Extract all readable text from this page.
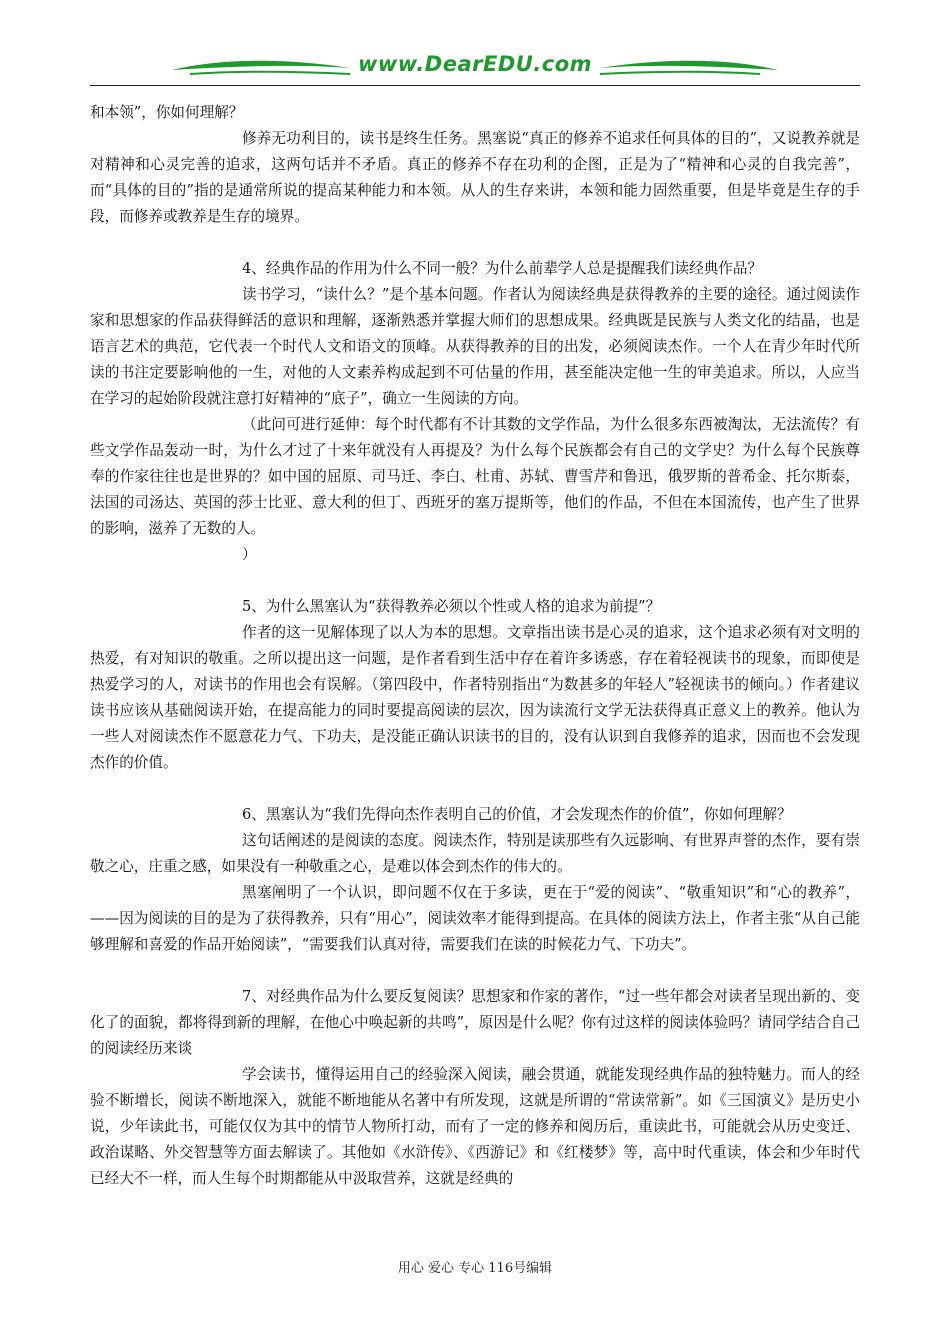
www.DearEDU.com

和本领”，你如何理解？

修养无功利目的，读书是终生任务。黑塞说“真正的修养不追求任何具体的目的”，又说教养就是对精神和心灵完善的追求，这两句话并不矛盾。真正的修养不存在功利的企图，正是为了“精神和心灵的自我完善”，而“具体的目的”指的是通常所说的提高某种能力和本领。从人的生存来讲，本领和能力固然重要，但是毕竟是生存的手段，而修养或教养是生存的境界。

4、经典作品的作用为什么不同一般？为什么前辈学人总是提醒我们读经典作品？

读书学习，“读什么？”是个基本问题。作者认为阅读经典是获得教养的主要的途径。通过阅读作家和思想家的作品获得鲜活的意识和理解，逐渐熟悉并掌握大师们的思想成果。经典既是民族与人类文化的结晶，也是语言艺术的典范，它代表一个时代人文和语文的顶峰。从获得教养的目的出发，必须阅读杰作。一个人在青少年时代所读的书注定要影响他的一生，对他的人文素养构成起到不可估量的作用，甚至能决定他一生的审美追求。所以，人应当在学习的起始阶段就注意打好精神的“底子”，确立一生阅读的方向。

（此问可进行延伸：每个时代都有不计其数的文学作品，为什么很多东西被淘汰，无法流传？有些文学作品轰动一时，为什么才过了十来年就没有人再提及？为什么每个民族都会有自己的文学史？为什么每个民族尊奉的作家往往也是世界的？如中国的屈原、司马迁、李白、杜甫、苏轼、曹雪芹和鲁迅，俄罗斯的普希金、托尔斯泰，法国的司汤达、英国的莎士比亚、意大利的但丁、西班牙的塞万提斯等，他们的作品，不但在本国流传，也产生了世界的影响，滋养了无数的人。

）

5、为什么黑塞认为“获得教养必须以个性或人格的追求为前提”？

作者的这一见解体现了以人为本的思想。文章指出读书是心灵的追求，这个追求必须有对文明的热爱，有对知识的敬重。之所以提出这一问题，是作者看到生活中存在着许多诱惑，存在着轻视读书的现象，而即使是热爱学习的人，对读书的作用也会有误解。（第四段中，作者特别指出“为数甚多的年轻人”轻视读书的倾向。）作者建议读书应该从基础阅读开始，在提高能力的同时要提高阅读的层次，因为读流行文学无法获得真正意义上的教养。他认为一些人对阅读杰作不愿意花力气、下功夫，是没能正确认识读书的目的，没有认识到自我修养的追求，因而也不会发现杰作的价值。

6、黑塞认为“我们先得向杰作表明自己的价值，才会发现杰作的价值”，你如何理解？

这句话阐述的是阅读的态度。阅读杰作，特别是读那些有久远影响、有世界声誉的杰作，要有崇敬之心，庄重之感，如果没有一种敬重之心，是难以体会到杰作的伟大的。

黑塞阐明了一个认识，即问题不仅在于多读，更在于“爱的阅读”、“敬重知识”和“心的教养”，——因为阅读的目的是为了获得教养，只有“用心”，阅读效率才能得到提高。在具体的阅读方法上，作者主张“从自己能够理解和喜爱的作品开始阅读”，“需要我们认真对待，需要我们在读的时候花力气、下功夫”。

7、对经典作品为什么要反复阅读？思想家和作家的著作，“过一些年都会对读者呈现出新的、变化了的面貌，都将得到新的理解，在他心中唤起新的共鸣”，原因是什么呢？你有过这样的阅读体验吗？请同学结合自己的阅读经历来谈

学会读书，懂得运用自己的经验深入阅读，融会贯通，就能发现经典作品的独特魅力。而人的经验不断增长，阅读不断地深入，就能不断地能从名著中有所发现，这就是所谓的“常读常新”。如《三国演义》是历史小说，少年读此书，可能仅仅为其中的情节人物所打动，而有了一定的修养和阅历后，重读此书，可能就会从历史变迁、政治谋略、外交智慧等方面去解读了。其他如《水浒传》、《西游记》和《红楼梦》等，高中时代重读，体会和少年时代已经大不一样，而人生每个时期都能从中汲取营养，这就是经典的

用心 爱心 专心 116号编辑
